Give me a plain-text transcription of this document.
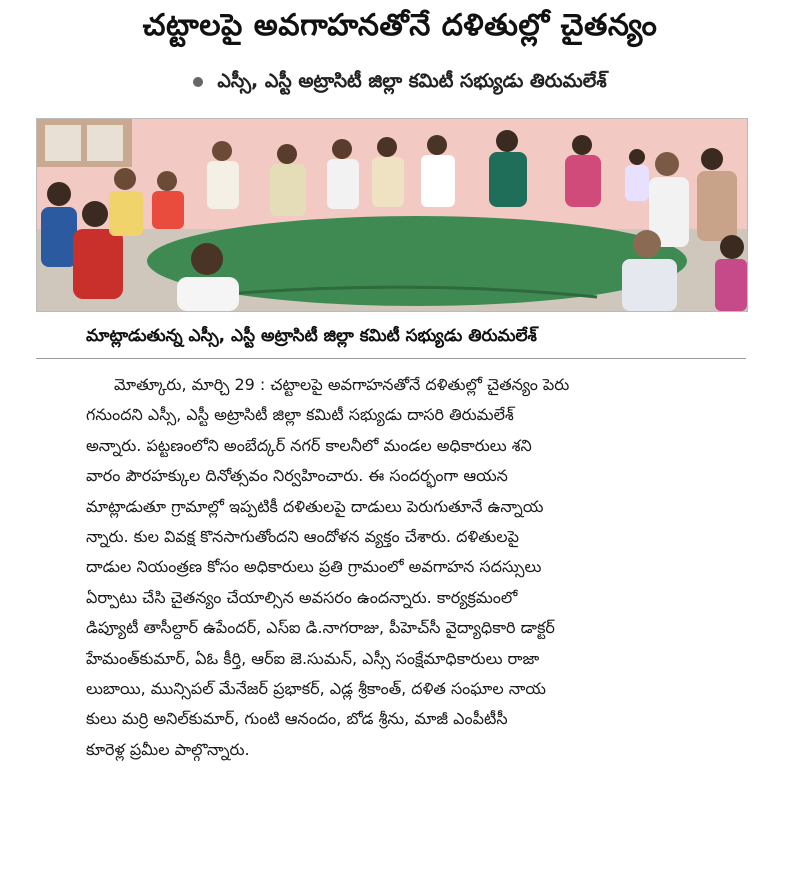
చట్టాలపై అవగాహనతోనే దళితుల్లో చైతన్యం
ఎస్సీ, ఎస్టీ అట్రాసిటీ జిల్లా కమిటీ సభ్యుడు తిరుమలేశ్
మాట్లాడుతున్న ఎస్సీ, ఎస్టీ అట్రాసిటీ జిల్లా కమిటీ సభ్యుడు తిరుమలేశ్

మోత్కూరు, మార్చి 29 : చట్టాలపై అవగాహనతోనే దళితుల్లో చైతన్యం పెరు

గనుందని ఎస్సీ, ఎస్టీ అట్రాసిటీ జిల్లా కమిటీ సభ్యుడు దాసరి తిరుమలేశ్

అన్నారు. పట్టణంలోని అంబేద్కర్ నగర్ కాలనీలో మండల అధికారులు శని

వారం పౌరహక్కుల దినోత్సవం నిర్వహించారు. ఈ సందర్భంగా ఆయన

మాట్లాడుతూ గ్రామాల్లో ఇప్పటికీ దళితులపై దాడులు పెరుగుతూనే ఉన్నాయ

న్నారు. కుల వివక్ష కొనసాగుతోందని ఆందోళన వ్యక్తం చేశారు. దళితులపై

దాడుల నియంత్రణ కోసం అధికారులు ప్రతి గ్రామంలో అవగాహన సదస్సులు

ఏర్పాటు చేసి చైతన్యం చేయాల్సిన అవసరం ఉందన్నారు. కార్యక్రమంలో

డిప్యూటీ తాసీల్దార్ ఉపేందర్, ఎస్ఐ డి.నాగరాజు, పీహెచ్‌సీ వైద్యాధికారి డాక్టర్

హేమంత్‌కుమార్, ఏఓ కీర్తి, ఆర్ఐ జె.సుమన్, ఎస్సీ సంక్షేమాధికారులు రాజా

లుబాయి, మున్సిపల్ మేనేజర్ ప్రభాకర్, ఎడ్ల శ్రీకాంత్, దళిత సంఘాల నాయ

కులు మర్రి అనిల్‌కుమార్, గుంటి ఆనందం, బోడ శ్రీను, మాజీ ఎంపీటీసీ

కూరెళ్ల ప్రమీల పాల్గొన్నారు.
